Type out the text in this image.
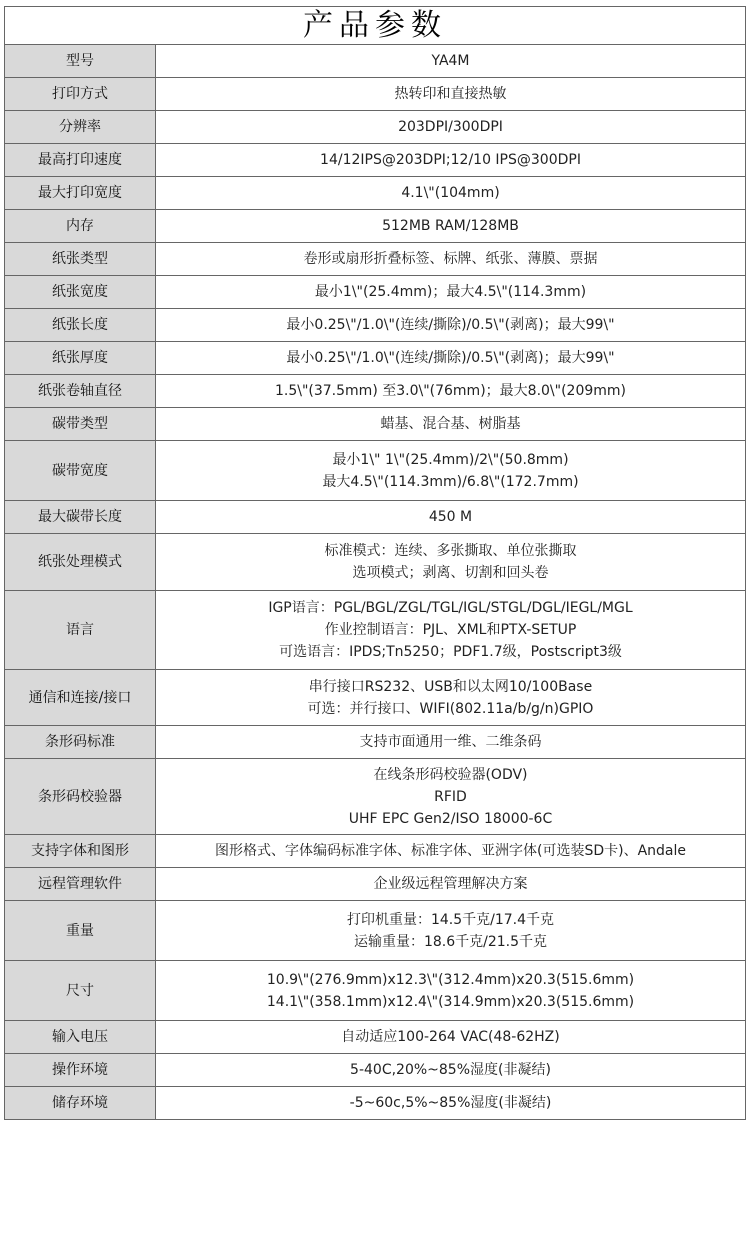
产品参数
型号	YA4M

打印方式	热转印和直接热敏

分辨率	203DPI/300DPI

最高打印速度	14/12IPS@203DPI;12/10 IPS@300DPI

最大打印宽度	4.1\"(104mm)

内存	512MB RAM/128MB

纸张类型	卷形或扇形折叠标签、标牌、纸张、薄膜、票据

纸张宽度	最小1\"(25.4mm)；最大4.5\"(114.3mm)

纸张长度	最小0.25\"/1.0\"(连续/撕除)/0.5\"(剥离)；最大99\"

纸张厚度	最小0.25\"/1.0\"(连续/撕除)/0.5\"(剥离)；最大99\"

纸张卷轴直径	1.5\"(37.5mm) 至3.0\"(76mm)；最大8.0\"(209mm)

碳带类型	蜡基、混合基、树脂基

碳带宽度	最小1\" 1\"(25.4mm)/2\"(50.8mm)
最大4.5\"(114.3mm)/6.8\"(172.7mm)

最大碳带长度	450 M

纸张处理模式	标准模式：连续、多张撕取、单位张撕取
选项模式；剥离、切割和回头卷

语言	IGP语言：PGL/BGL/ZGL/TGL/IGL/STGL/DGL/IEGL/MGL
作业控制语言：PJL、XML和PTX-SETUP
可选语言：IPDS;Tn5250；PDF1.7级，Postscript3级

通信和连接/接口	串行接口RS232、USB和以太网10/100Base
可选：并行接口、WIFI(802.11a/b/g/n)GPIO

条形码标准	支持市面通用一维、二维条码

条形码校验器	在线条形码校验器(ODV)
RFID
UHF EPC Gen2/ISO 18000-6C

支持字体和图形	图形格式、字体编码标准字体、标准字体、亚洲字体(可选装SD卡)、Andale

远程管理软件	企业级远程管理解决方案

重量	打印机重量：14.5千克/17.4千克
运输重量：18.6千克/21.5千克

尺寸	10.9\"(276.9mm)x12.3\"(312.4mm)x20.3(515.6mm)
14.1\"(358.1mm)x12.4\"(314.9mm)x20.3(515.6mm)

输入电压	自动适应100-264 VAC(48-62HZ)

操作环境	5-40C,20%~85%湿度(非凝结)

储存环境	-5~60c,5%~85%湿度(非凝结)
